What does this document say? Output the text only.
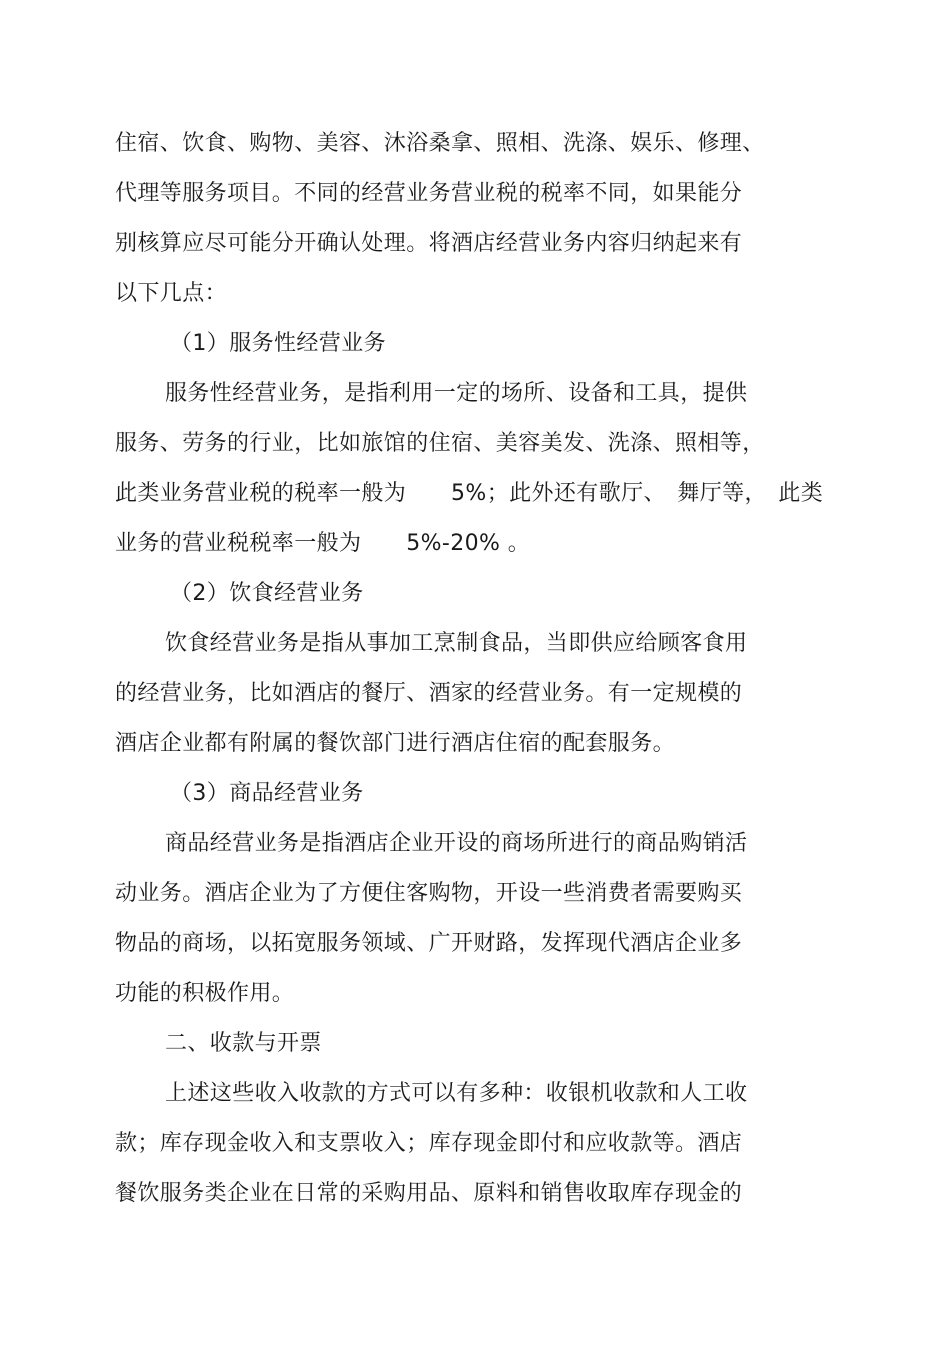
住宿、饮食、购物、美容、沐浴桑拿、照相、洗涤、娱乐、修理、
代理等服务项目。不同的经营业务营业税的税率不同，如果能分
别核算应尽可能分开确认处理。将酒店经营业务内容归纳起来有
以下几点：
（1）服务性经营业务
服务性经营业务，是指利用一定的场所、设备和工具，提供
服务、劳务的行业，比如旅馆的住宿、美容美发、洗涤、照相等，
此类业务营业税的税率一般为　　5%；此外还有歌厅、　舞厅等，　此类
业务的营业税税率一般为　　5%-20% 。
（2）饮食经营业务
饮食经营业务是指从事加工烹制食品，当即供应给顾客食用
的经营业务，比如酒店的餐厅、酒家的经营业务。有一定规模的
酒店企业都有附属的餐饮部门进行酒店住宿的配套服务。
（3）商品经营业务
商品经营业务是指酒店企业开设的商场所进行的商品购销活
动业务。酒店企业为了方便住客购物，开设一些消费者需要购买
物品的商场，以拓宽服务领域、广开财路，发挥现代酒店企业多
功能的积极作用。
二、收款与开票
上述这些收入收款的方式可以有多种：收银机收款和人工收
款；库存现金收入和支票收入；库存现金即付和应收款等。酒店
餐饮服务类企业在日常的采购用品、原料和销售收取库存现金的
